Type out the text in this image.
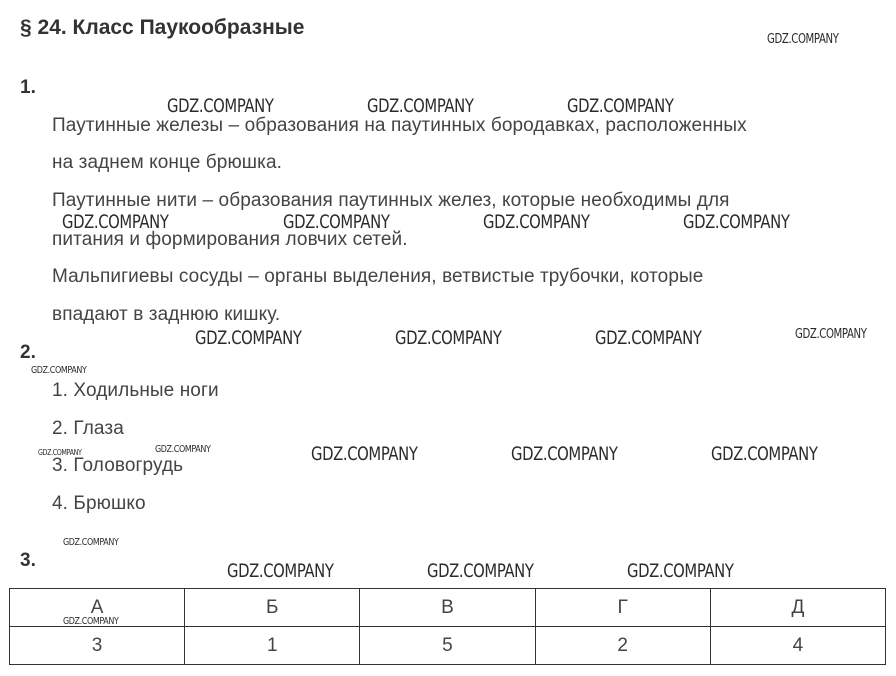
§ 24. Класс Паукообразные
1.
Паутинные железы – образования на паутинных бородавках, расположенных
на заднем конце брюшка.
Паутинные нити – образования паутинных желез, которые необходимы для
питания и формирования ловчих сетей.
Мальпигиевы сосуды – органы выделения, ветвистые трубочки, которые
впадают в заднюю кишку.
2.
1. Ходильные ноги
2. Глаза
3. Головогрудь
4. Брюшко
3.
А	Б	В	Г	Д
3	1	5	2	4
GDZ.COMPANY
GDZ.COMPANY	GDZ.COMPANY	GDZ.COMPANY
GDZ.COMPANY	GDZ.COMPANY	GDZ.COMPANY	GDZ.COMPANY
GDZ.COMPANY	GDZ.COMPANY	GDZ.COMPANY	GDZ.COMPANY
GDZ.COMPANY
GDZ.COMPANY	GDZ.COMPANY	GDZ.COMPANY	GDZ.COMPANY	GDZ.COMPANY
GDZ.COMPANY
GDZ.COMPANY	GDZ.COMPANY	GDZ.COMPANY
GDZ.COMPANY
